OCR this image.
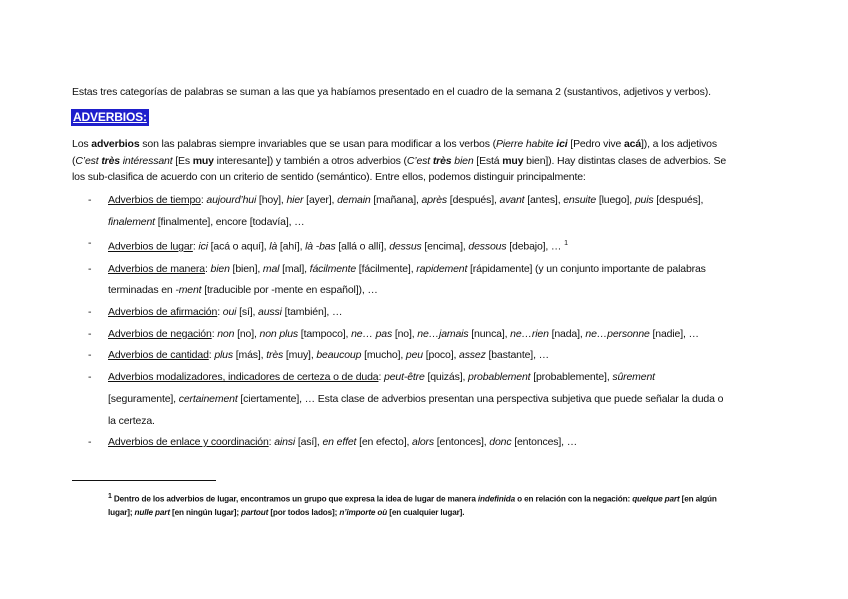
Estas tres categorías de palabras se suman a las que ya habíamos presentado en el cuadro de la semana 2 (sustantivos, adjetivos y verbos).
ADVERBIOS:

Los adverbios son las palabras siempre invariables que se usan para modificar a los verbos (Pierre habite ici [Pedro vive acá]), a los adjetivos

(C’est très intéressant [Es muy interesante]) y también a otros adverbios (C’est très bien [Está muy bien]). Hay distintas clases de adverbios. Se

los sub-clasifica de acuerdo con un criterio de sentido (semántico). Entre ellos, podemos distinguir principalmente:

- Adverbios de tiempo: aujourd’hui [hoy], hier [ayer], demain [mañana], après [después], avant [antes], ensuite [luego], puis [después],
finalement [finalmente], encore [todavía], …
- Adverbios de lugar: ici [acá o aquí], là [ahí], là -bas [allá o allí], dessus [encima], dessous [debajo], … $^1$
- Adverbios de manera: bien [bien], mal [mal], fácilmente [fácilmente], rapidement [rápidamente] (y un conjunto importante de palabras
terminadas en -ment [traducible por -mente en español]), …
- Adverbios de afirmación: oui [sí], aussi [también], …
- Adverbios de negación: non [no], non plus [tampoco], ne… pas [no], ne…jamais [nunca], ne…rien [nada], ne…personne [nadie], …
- Adverbios de cantidad: plus [más], très [muy], beaucoup [mucho], peu [poco], assez [bastante], …
- Adverbios modalizadores, indicadores de certeza o de duda: peut-être [quizás], probablement [probablemente], sûrement
[seguramente], certainement [ciertamente], … Esta clase de adverbios presentan una perspectiva subjetiva que puede señalar la duda o
la certeza.
- Adverbios de enlace y coordinación: ainsi [así], en effet [en efecto], alors [entonces], donc [entonces], …

$^1$ Dentro de los adverbios de lugar, encontramos un grupo que expresa la idea de lugar de manera indefinida o en relación con la negación: quelque part [en algún

lugar]; nulle part [en ningún lugar]; partout [por todos lados]; n’importe où [en cualquier lugar].
